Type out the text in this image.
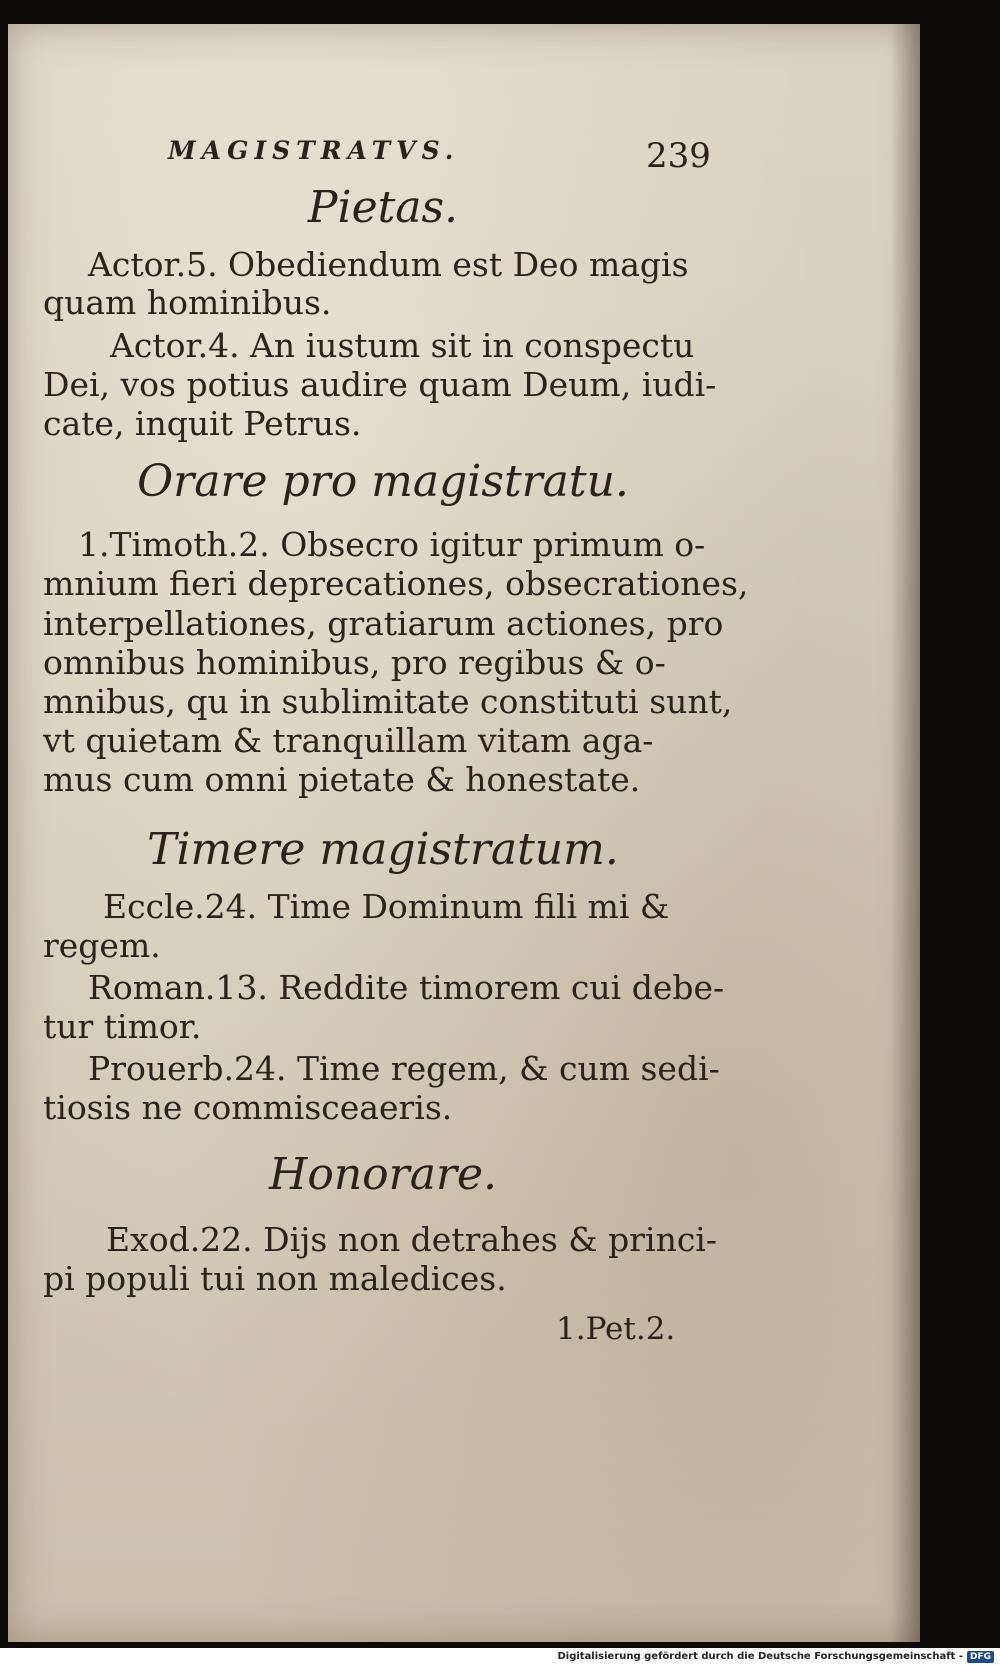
MAGISTRATVS.	239
Pietas.
Actor.5. Obediendum est Deo magis
quam hominibus.
Actor.4. An iustum sit in conspectu
Dei, vos potius audire quam Deum, iudi-
cate, inquit Petrus.
Orare pro magistratu.
1.Timoth.2. Obsecro igitur primum o-
mnium fieri deprecationes, obsecrationes,
interpellationes, gratiarum actiones, pro
omnibus hominibus, pro regibus & o-
mnibus, qu in sublimitate constituti sunt,
vt quietam & tranquillam vitam aga-
mus cum omni pietate & honestate.
Timere magistratum.
Eccle.24. Time Dominum fili mi &
regem.
Roman.13. Reddite timorem cui debe-
tur timor.
Prouerb.24. Time regem, & cum sedi-
tiosis ne commisceaeris.
Honorare.
Exod.22. Dijs non detrahes & princi-
pi populi tui non maledices.
1.Pet.2.
Digitalisierung gefördert durch die Deutsche Forschungsgemeinschaft - DFG
